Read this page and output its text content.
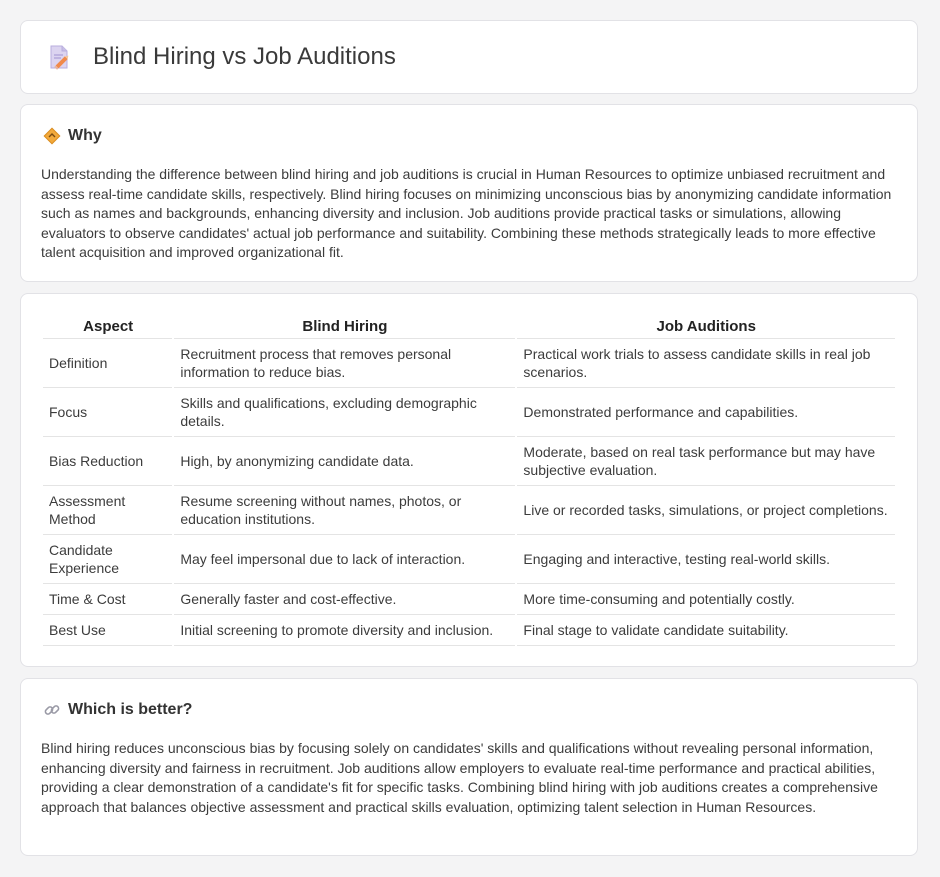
Blind Hiring vs Job Auditions
Why

Understanding the difference between blind hiring and job auditions is crucial in Human Resources to optimize unbiased recruitment and assess real-time candidate skills, respectively. Blind hiring focuses on minimizing unconscious bias by anonymizing candidate information such as names and backgrounds, enhancing diversity and inclusion. Job auditions provide practical tasks or simulations, allowing evaluators to observe candidates' actual job performance and suitability. Combining these methods strategically leads to more effective talent acquisition and improved organizational fit.

Aspect	Blind Hiring	Job Auditions
Definition	Recruitment process that removes personal information to reduce bias.	Practical work trials to assess candidate skills in real job scenarios.
Focus	Skills and qualifications, excluding demographic details.	Demonstrated performance and capabilities.
Bias Reduction	High, by anonymizing candidate data.	Moderate, based on real task performance but may have subjective evaluation.
Assessment Method	Resume screening without names, photos, or education institutions.	Live or recorded tasks, simulations, or project completions.
Candidate Experience	May feel impersonal due to lack of interaction.	Engaging and interactive, testing real-world skills.
Time & Cost	Generally faster and cost-effective.	More time-consuming and potentially costly.
Best Use	Initial screening to promote diversity and inclusion.	Final stage to validate candidate suitability.
Which is better?

Blind hiring reduces unconscious bias by focusing solely on candidates' skills and qualifications without revealing personal information, enhancing diversity and fairness in recruitment. Job auditions allow employers to evaluate real-time performance and practical abilities, providing a clear demonstration of a candidate's fit for specific tasks. Combining blind hiring with job auditions creates a comprehensive approach that balances objective assessment and practical skills evaluation, optimizing talent selection in Human Resources.
